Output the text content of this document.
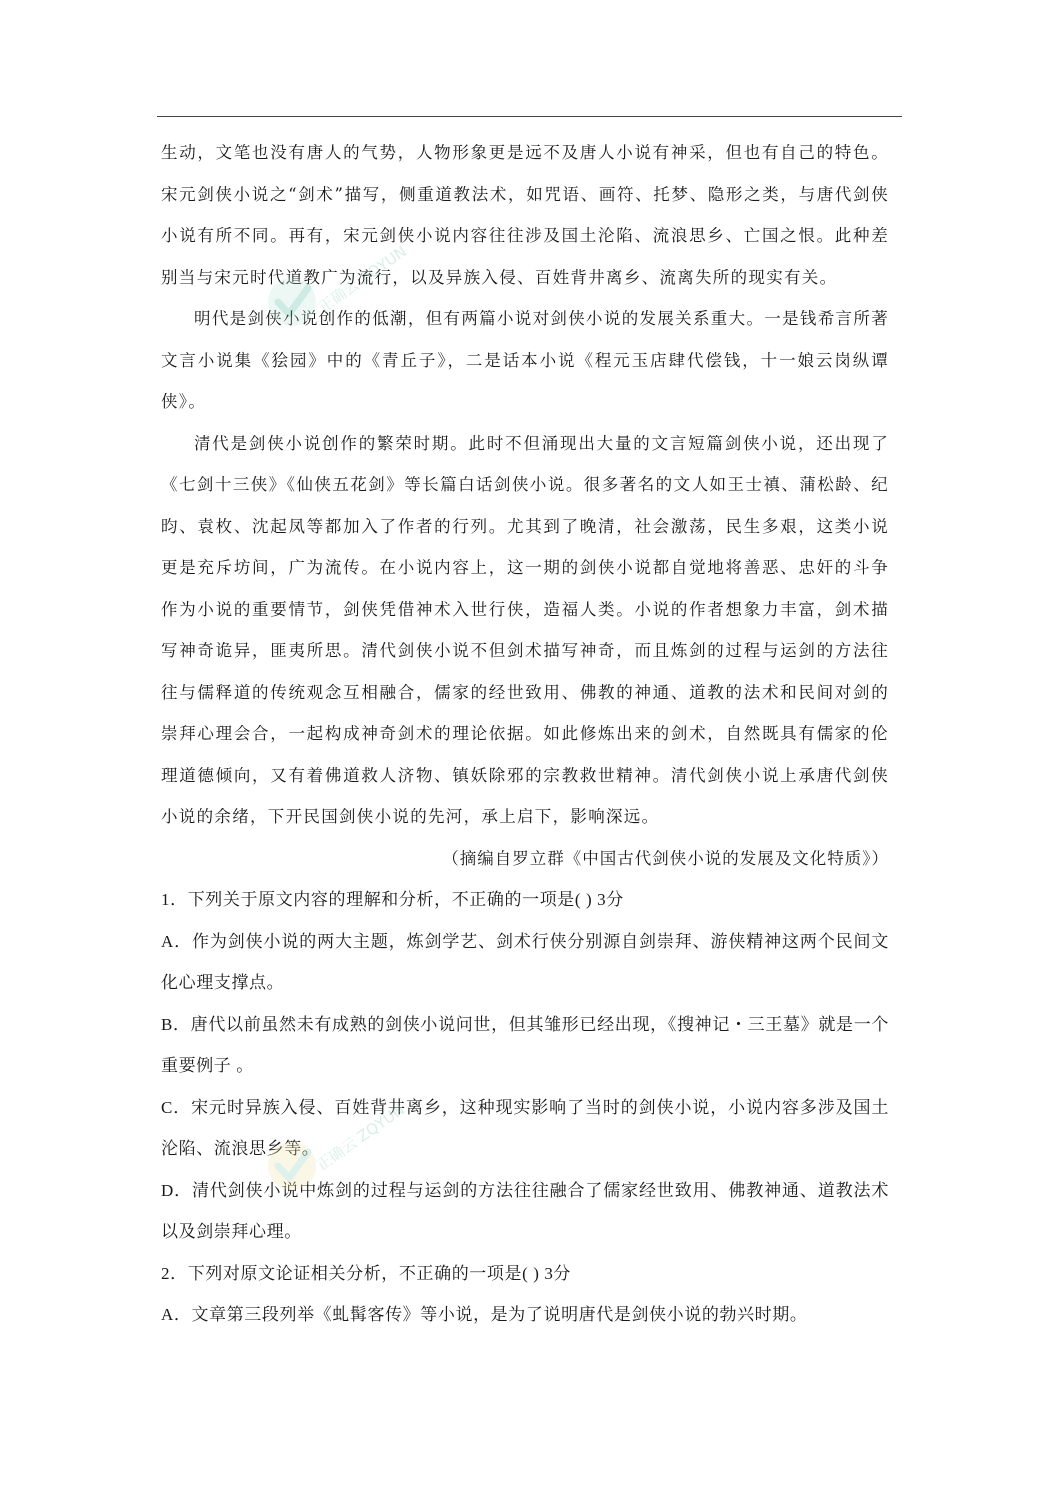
生动，文笔也没有唐人的气势，人物形象更是远不及唐人小说有神采，但也有自己的特色。宋元剑侠小说之“剑术”描写，侧重道教法术，如咒语、画符、托梦、隐形之类，与唐代剑侠小说有所不同。再有，宋元剑侠小说内容往往涉及国土沦陷、流浪思乡、亡国之恨。此种差别当与宋元时代道教广为流行，以及异族入侵、百姓背井离乡、流离失所的现实有关。

明代是剑侠小说创作的低潮，但有两篇小说对剑侠小说的发展关系重大。一是钱希言所著文言小说集《狯园》中的《青丘子》，二是话本小说《程元玉店肆代偿钱，十一娘云岗纵谭侠》。

清代是剑侠小说创作的繁荣时期。此时不但涌现出大量的文言短篇剑侠小说，还出现了《七剑十三侠》《仙侠五花剑》等长篇白话剑侠小说。很多著名的文人如王士禛、蒲松龄、纪昀、袁枚、沈起凤等都加入了作者的行列。尤其到了晚清，社会激荡，民生多艰，这类小说更是充斥坊间，广为流传。在小说内容上，这一期的剑侠小说都自觉地将善恶、忠奸的斗争作为小说的重要情节，剑侠凭借神术入世行侠，造福人类。小说的作者想象力丰富，剑术描写神奇诡异，匪夷所思。清代剑侠小说不但剑术描写神奇，而且炼剑的过程与运剑的方法往往与儒释道的传统观念互相融合，儒家的经世致用、佛教的神通、道教的法术和民间对剑的崇拜心理会合，一起构成神奇剑术的理论依据。如此修炼出来的剑术，自然既具有儒家的伦理道德倾向，又有着佛道救人济物、镇妖除邪的宗教救世精神。清代剑侠小说上承唐代剑侠小说的余绪，下开民国剑侠小说的先河，承上启下，影响深远。

（摘编自罗立群《中国古代剑侠小说的发展及文化特质》）

1．下列关于原文内容的理解和分析，不正确的一项是( ) 3分

A．作为剑侠小说的两大主题，炼剑学艺、剑术行侠分别源自剑崇拜、游侠精神这两个民间文化心理支撑点。

B．唐代以前虽然未有成熟的剑侠小说问世，但其雏形已经出现，《搜神记・三王墓》就是一个重要例子 。

C．宋元时异族入侵、百姓背井离乡，这种现实影响了当时的剑侠小说，小说内容多涉及国土沦陷、流浪思乡等。

D．清代剑侠小说中炼剑的过程与运剑的方法往往融合了儒家经世致用、佛教神通、道教法术以及剑崇拜心理。

2．下列对原文论证相关分析，不正确的一项是( ) 3分

A．文章第三段列举《虬髯客传》等小说，是为了说明唐代是剑侠小说的勃兴时期。

正确云 ZQYUN
正确云 ZQYUN
